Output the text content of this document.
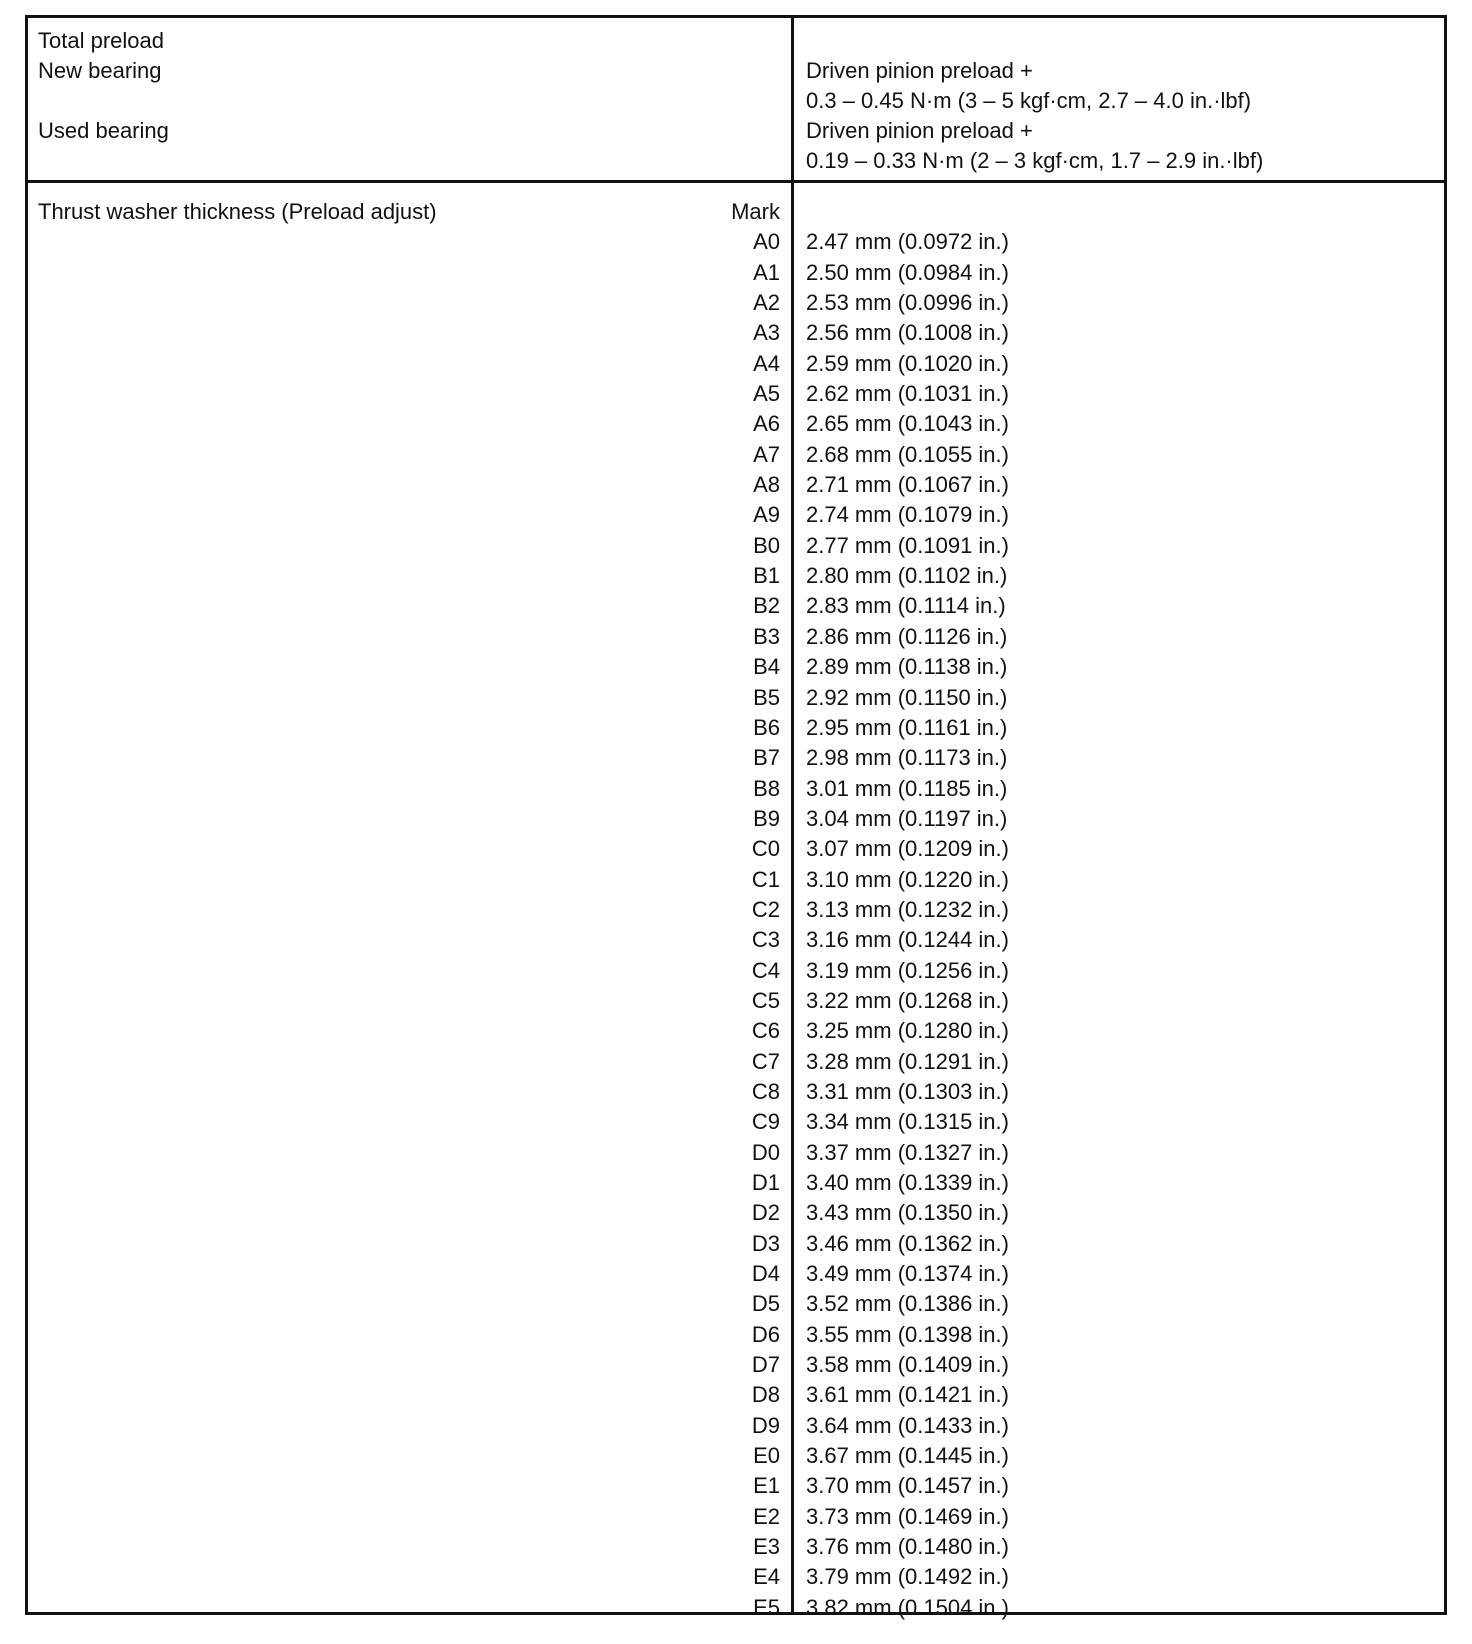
Total preload
New bearing
Used bearing
Driven pinion preload +
0.3 – 0.45 N·m (3 – 5 kgf·cm, 2.7 – 4.0 in.·lbf)
Driven pinion preload +
0.19 – 0.33 N·m (2 – 3 kgf·cm, 1.7 – 2.9 in.·lbf)
Thrust washer thickness (Preload adjust)	Mark
A0
A1
A2
A3
A4
A5
A6
A7
A8
A9
B0
B1
B2
B3
B4
B5
B6
B7
B8
B9
C0
C1
C2
C3
C4
C5
C6
C7
C8
C9
D0
D1
D2
D3
D4
D5
D6
D7
D8
D9
E0
E1
E2
E3
E4
E5
2.47 mm (0.0972 in.)
2.50 mm (0.0984 in.)
2.53 mm (0.0996 in.)
2.56 mm (0.1008 in.)
2.59 mm (0.1020 in.)
2.62 mm (0.1031 in.)
2.65 mm (0.1043 in.)
2.68 mm (0.1055 in.)
2.71 mm (0.1067 in.)
2.74 mm (0.1079 in.)
2.77 mm (0.1091 in.)
2.80 mm (0.1102 in.)
2.83 mm (0.1114 in.)
2.86 mm (0.1126 in.)
2.89 mm (0.1138 in.)
2.92 mm (0.1150 in.)
2.95 mm (0.1161 in.)
2.98 mm (0.1173 in.)
3.01 mm (0.1185 in.)
3.04 mm (0.1197 in.)
3.07 mm (0.1209 in.)
3.10 mm (0.1220 in.)
3.13 mm (0.1232 in.)
3.16 mm (0.1244 in.)
3.19 mm (0.1256 in.)
3.22 mm (0.1268 in.)
3.25 mm (0.1280 in.)
3.28 mm (0.1291 in.)
3.31 mm (0.1303 in.)
3.34 mm (0.1315 in.)
3.37 mm (0.1327 in.)
3.40 mm (0.1339 in.)
3.43 mm (0.1350 in.)
3.46 mm (0.1362 in.)
3.49 mm (0.1374 in.)
3.52 mm (0.1386 in.)
3.55 mm (0.1398 in.)
3.58 mm (0.1409 in.)
3.61 mm (0.1421 in.)
3.64 mm (0.1433 in.)
3.67 mm (0.1445 in.)
3.70 mm (0.1457 in.)
3.73 mm (0.1469 in.)
3.76 mm (0.1480 in.)
3.79 mm (0.1492 in.)
3.82 mm (0.1504 in.)
